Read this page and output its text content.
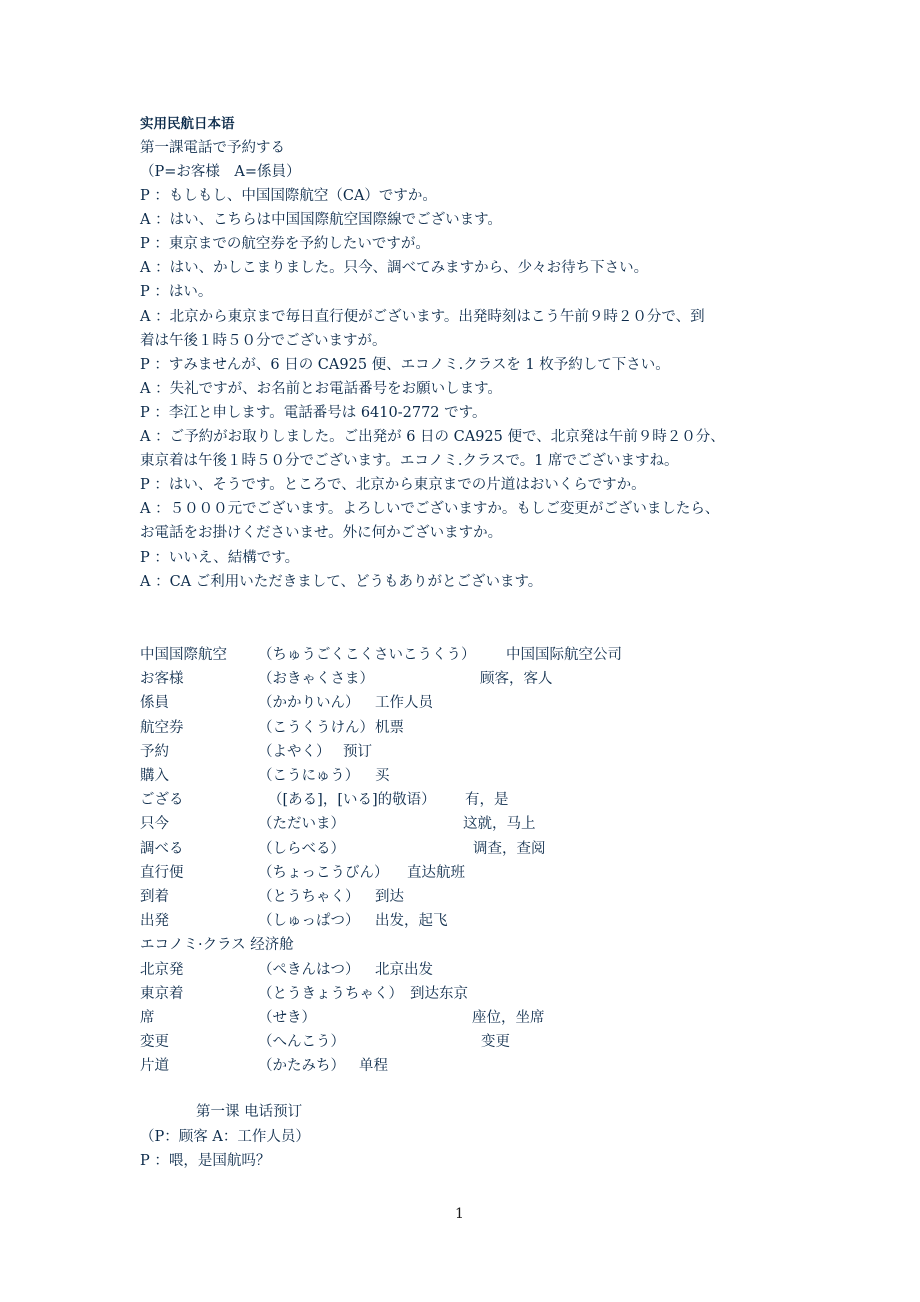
实用民航日本语
第一課電話で予約する
（P=お客様　A=係員）
P ：もしもし、中国国際航空（CA）ですか。
A ：はい、こちらは中国国際航空国際線でございます。
P ：東京までの航空券を予約したいですが。
A ：はい、かしこまりました。只今、調べてみますから、少々お待ち下さい。
P ：はい。
A ：北京から東京まで毎日直行便がございます。出発時刻はこう午前９時２０分で、到
着は午後１時５０分でございますが。
P ：すみませんが、6 日の CA925 便、エコノミ.クラスを 1 枚予約して下さい。
A ：失礼ですが、お名前とお電話番号をお願いします。
P ：李江と申します。電話番号は 6410-2772 です。
A ：ご予約がお取りしました。ご出発が 6 日の CA925 便で、北京発は午前９時２０分、
東京着は午後１時５０分でございます。エコノミ.クラスで。1 席でございますね。
P ：はい、そうです。ところで、北京から東京までの片道はおいくらですか。
A ：５０００元でございます。よろしいでございますか。もしご変更がございましたら、
お電話をお掛けくださいませ。外に何かございますか。
P ：いいえ、結構です。
A ：CA ご利用いただきまして、どうもありがとございます。
中国国際航空 （ちゅうごくこくさいこうくう） 中国国际航空公司
お客様	（おきゃくさま）	顾客，客人
係員	（かかりいん） 工作人员
航空券	（こうくうけん） 机票
予約	（よやく） 预订
購入	（こうにゅう） 买
ござる	（[ある]，[いる]的敬语） 有，是
只今	（ただいま）	这就，马上
調べる	（しらべる）	调查，查阅
直行便	（ちょっこうびん） 直达航班
到着	（とうちゃく） 到达
出発	（しゅっぱつ） 出发，起飞
エコノミ·クラス 经济舱
北京発	（ぺきんはつ） 北京出发
東京着	（とうきょうちゃく） 到达东京
席	（せき）	座位，坐席
変更	（へんこう）	变更
片道	（かたみち） 单程
第一课 电话预订
（P：顾客 A：工作人员）
P ：喂，是国航吗？
1
